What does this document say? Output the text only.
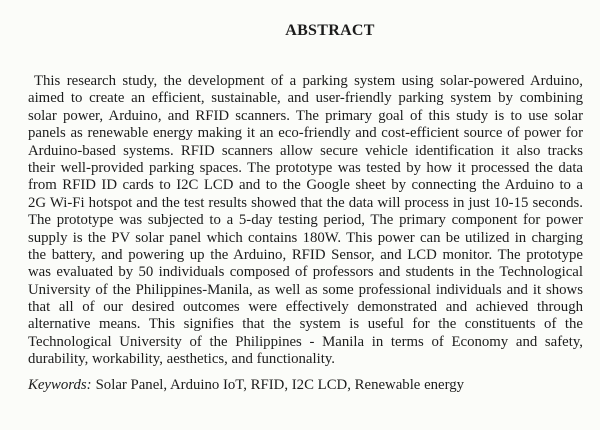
ABSTRACT
This research study, the development of a parking system using solar-powered Arduino,
aimed to create an efficient, sustainable, and user-friendly parking system by combining
solar power, Arduino, and RFID scanners. The primary goal of this study is to use solar
panels as renewable energy making it an eco-friendly and cost-efficient source of power for
Arduino-based systems. RFID scanners allow secure vehicle identification it also tracks
their well-provided parking spaces. The prototype was tested by how it processed the data
from RFID ID cards to I2C LCD and to the Google sheet by connecting the Arduino to a
2G Wi-Fi hotspot and the test results showed that the data will process in just 10-15 seconds.
The prototype was subjected to a 5-day testing period, The primary component for power
supply is the PV solar panel which contains 180W. This power can be utilized in charging
the battery, and powering up the Arduino, RFID Sensor, and LCD monitor. The prototype
was evaluated by 50 individuals composed of professors and students in the Technological
University of the Philippines-Manila, as well as some professional individuals and it shows
that all of our desired outcomes were effectively demonstrated and achieved through
alternative means. This signifies that the system is useful for the constituents of the
Technological University of the Philippines - Manila in terms of Economy and safety,
durability, workability, aesthetics, and functionality.

Keywords: Solar Panel, Arduino IoT, RFID, I2C LCD, Renewable energy
